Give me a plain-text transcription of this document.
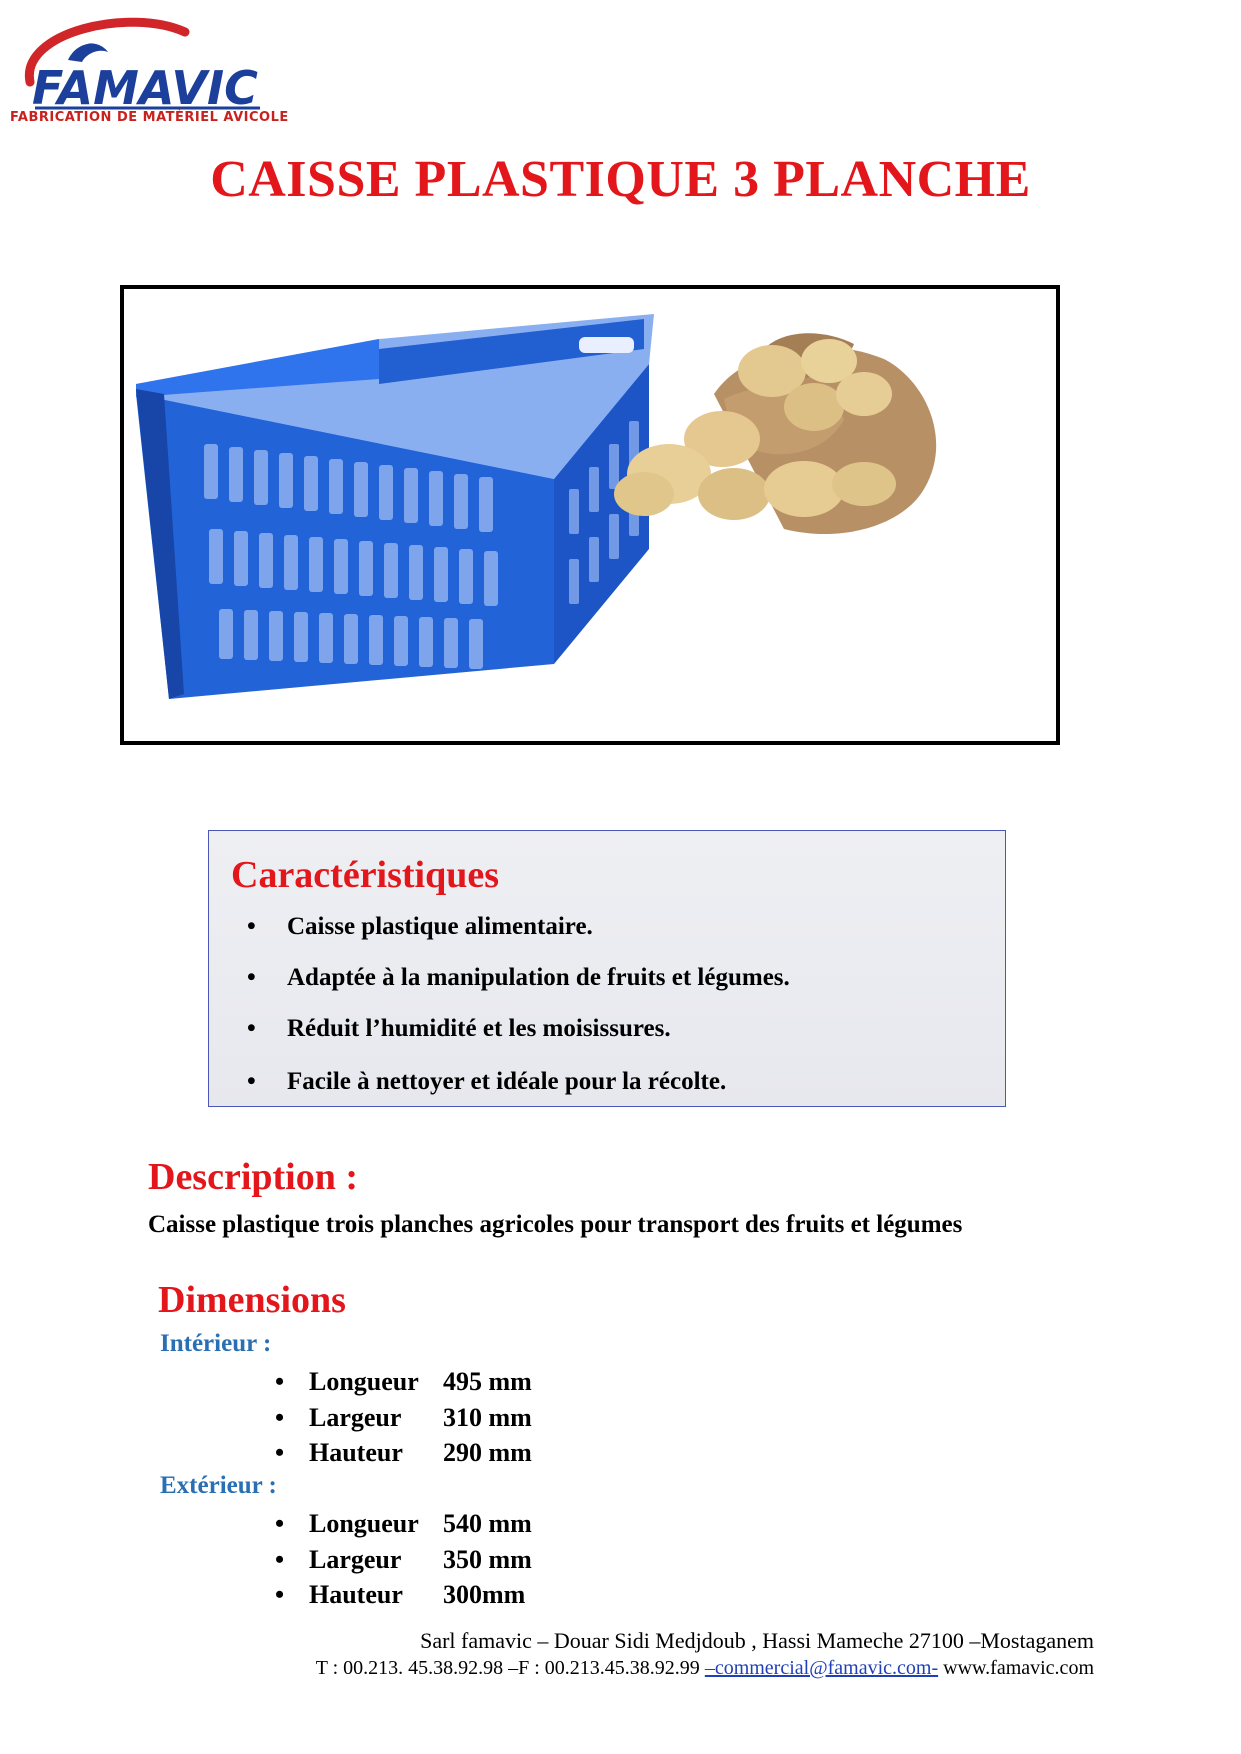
FAMAVIC
FABRICATION DE MATÉRIEL AVICOLE
CAISSE PLASTIQUE 3 PLANCHE
Caractéristiques
• Caisse plastique alimentaire.
• Adaptée à la manipulation de fruits et légumes.
• Réduit l’humidité et les moisissures.
• Facile à nettoyer et idéale pour la récolte.
Description :
Caisse plastique trois planches agricoles pour transport des fruits et légumes
Dimensions
Intérieur :
• Longueur 495 mm
• Largeur 310 mm
• Hauteur 290 mm
Extérieur :
• Longueur 540 mm
• Largeur 350 mm
• Hauteur 300mm
Sarl famavic – Douar Sidi Medjdoub , Hassi Mameche 27100 –Mostaganem
T : 00.213. 45.38.92.98 –F : 00.213.45.38.92.99 –commercial@famavic.com- www.famavic.com
